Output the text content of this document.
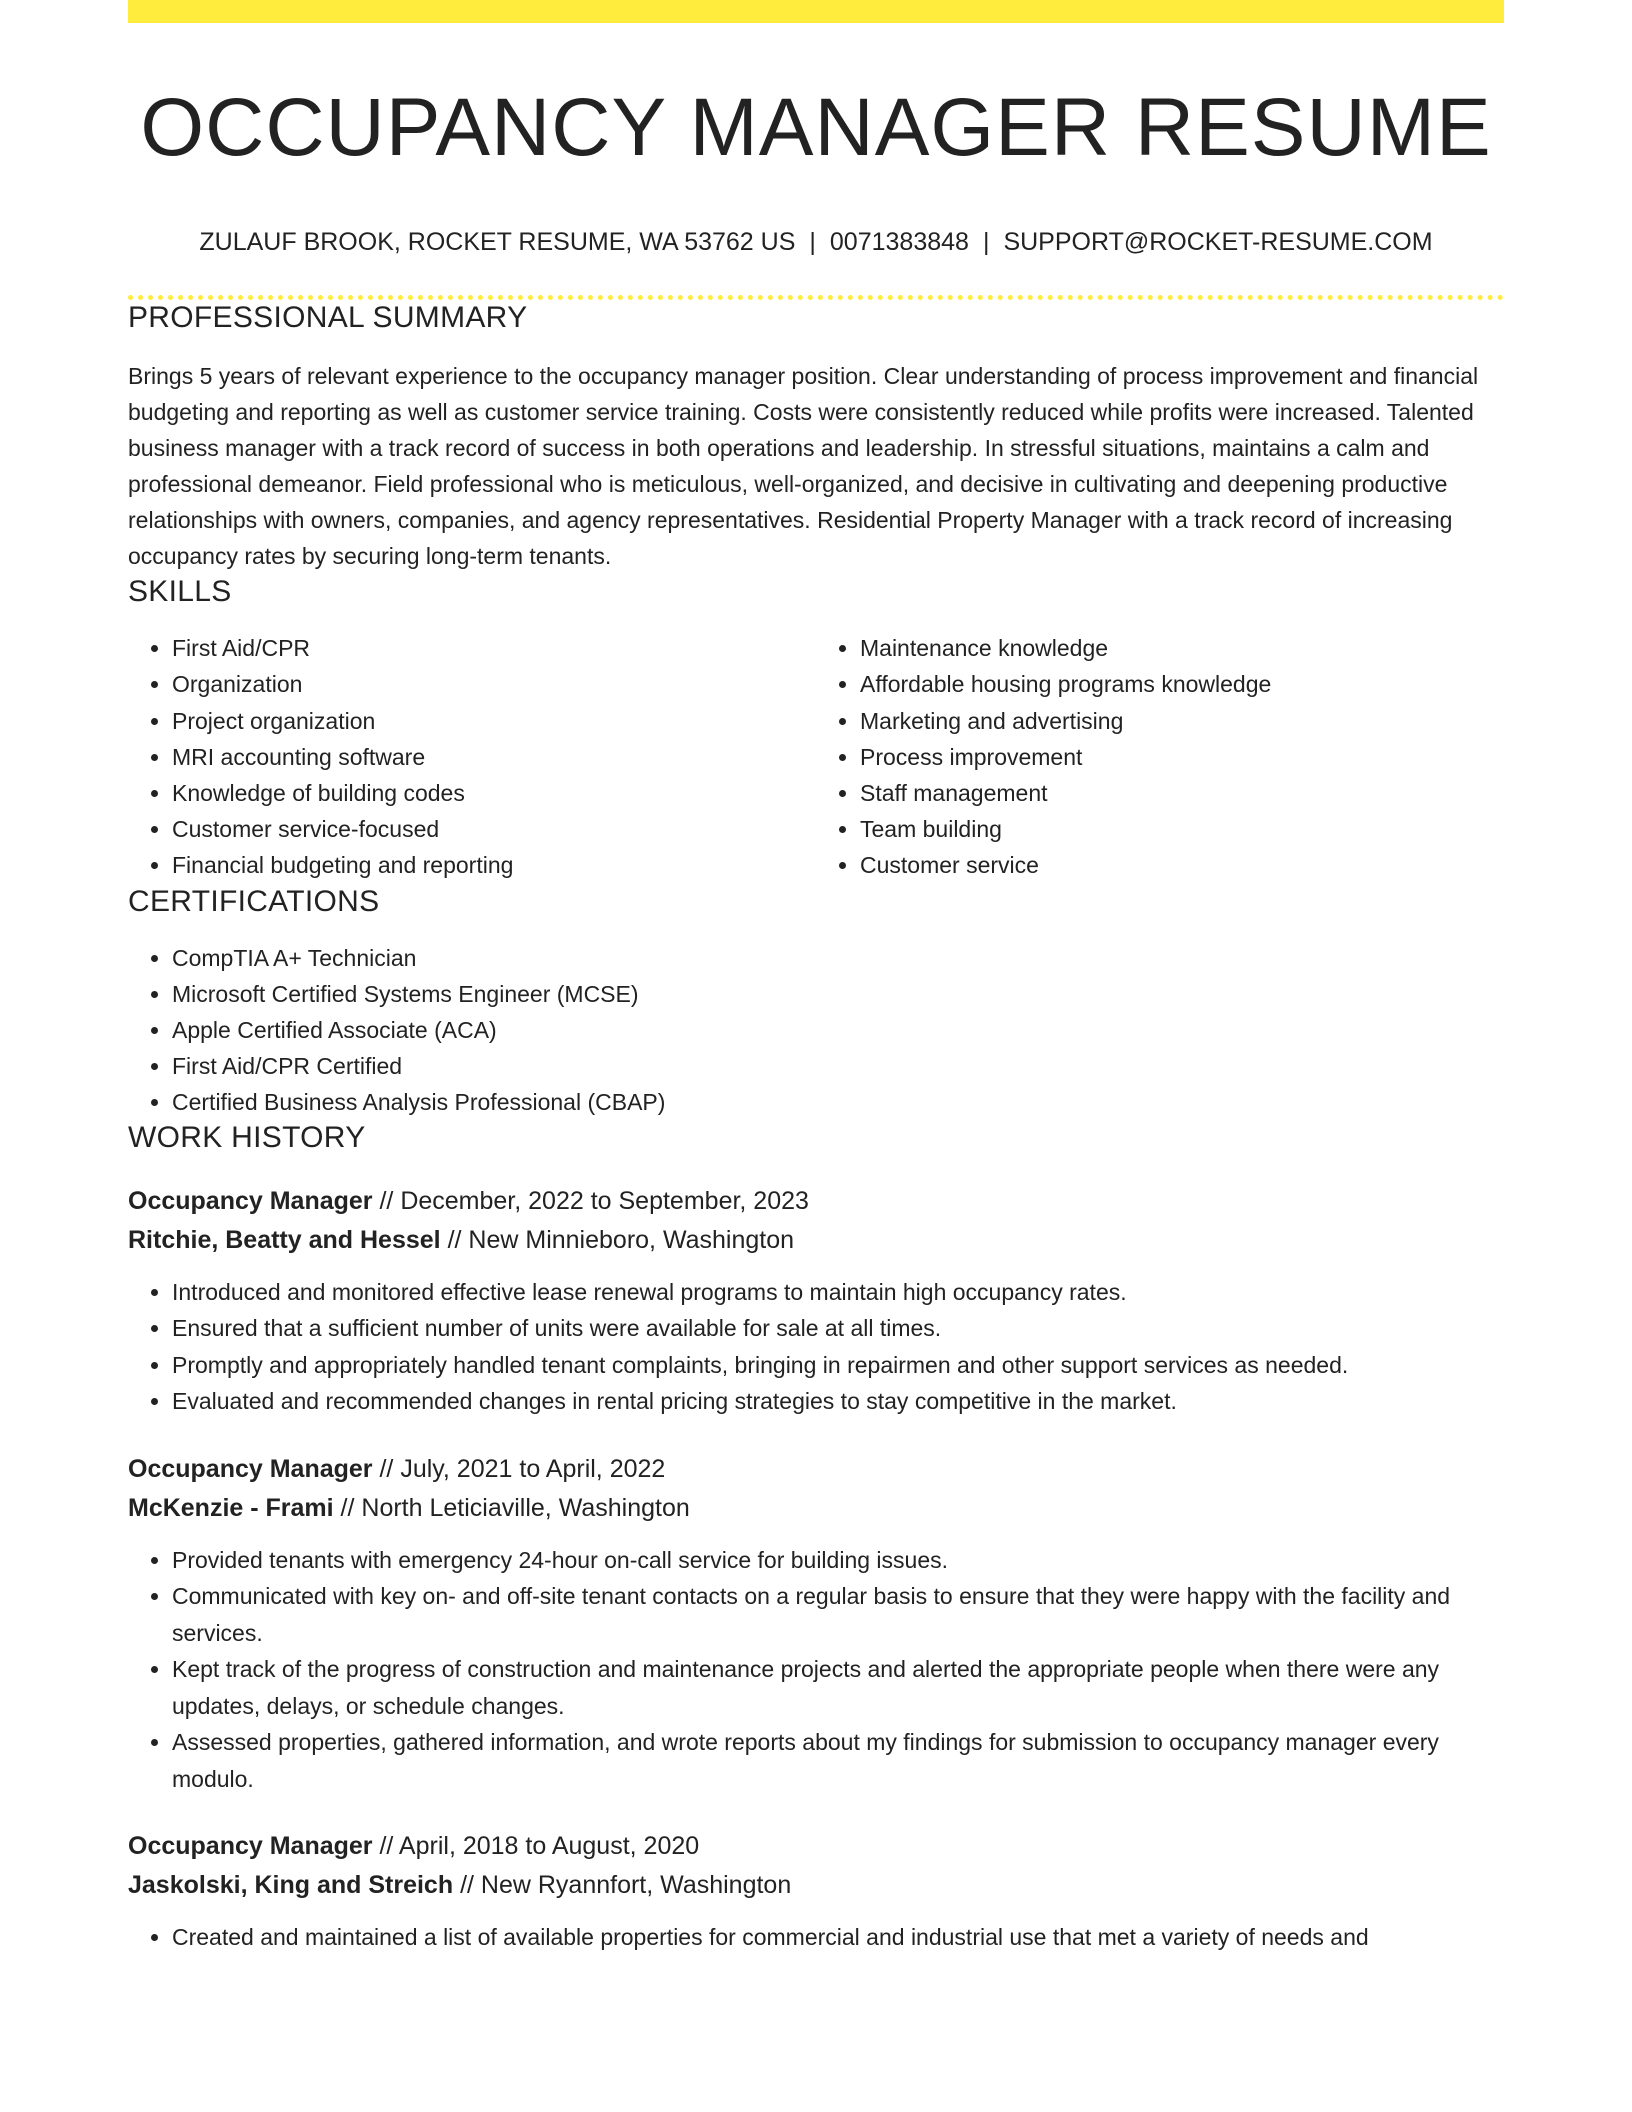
OCCUPANCY MANAGER RESUME
ZULAUF BROOK, ROCKET RESUME, WA 53762 US | 0071383848 | SUPPORT@ROCKET-RESUME.COM
PROFESSIONAL SUMMARY

Brings 5 years of relevant experience to the occupancy manager position. Clear understanding of process improvement and financial budgeting and reporting as well as customer service training. Costs were consistently reduced while profits were increased. Talented business manager with a track record of success in both operations and leadership. In stressful situations, maintains a calm and professional demeanor. Field professional who is meticulous, well-organized, and decisive in cultivating and deepening productive relationships with owners, companies, and agency representatives. Residential Property Manager with a track record of increasing occupancy rates by securing long-term tenants.

SKILLS
• First Aid/CPR
• Organization
• Project organization
• MRI accounting software
• Knowledge of building codes
• Customer service-focused
• Financial budgeting and reporting
• Maintenance knowledge
• Affordable housing programs knowledge
• Marketing and advertising
• Process improvement
• Staff management
• Team building
• Customer service
CERTIFICATIONS
• CompTIA A+ Technician
• Microsoft Certified Systems Engineer (MCSE)
• Apple Certified Associate (ACA)
• First Aid/CPR Certified
• Certified Business Analysis Professional (CBAP)
WORK HISTORY
Occupancy Manager // December, 2022 to September, 2023
Ritchie, Beatty and Hessel // New Minnieboro, Washington
• Introduced and monitored effective lease renewal programs to maintain high occupancy rates.
• Ensured that a sufficient number of units were available for sale at all times.
• Promptly and appropriately handled tenant complaints, bringing in repairmen and other support services as needed.
• Evaluated and recommended changes in rental pricing strategies to stay competitive in the market.
Occupancy Manager // July, 2021 to April, 2022
McKenzie - Frami // North Leticiaville, Washington
• Provided tenants with emergency 24-hour on-call service for building issues.
• Communicated with key on- and off-site tenant contacts on a regular basis to ensure that they were happy with the facility and services.
• Kept track of the progress of construction and maintenance projects and alerted the appropriate people when there were any updates, delays, or schedule changes.
• Assessed properties, gathered information, and wrote reports about my findings for submission to occupancy manager every modulo.
Occupancy Manager // April, 2018 to August, 2020
Jaskolski, King and Streich // New Ryannfort, Washington
• Created and maintained a list of available properties for commercial and industrial use that met a variety of needs and
